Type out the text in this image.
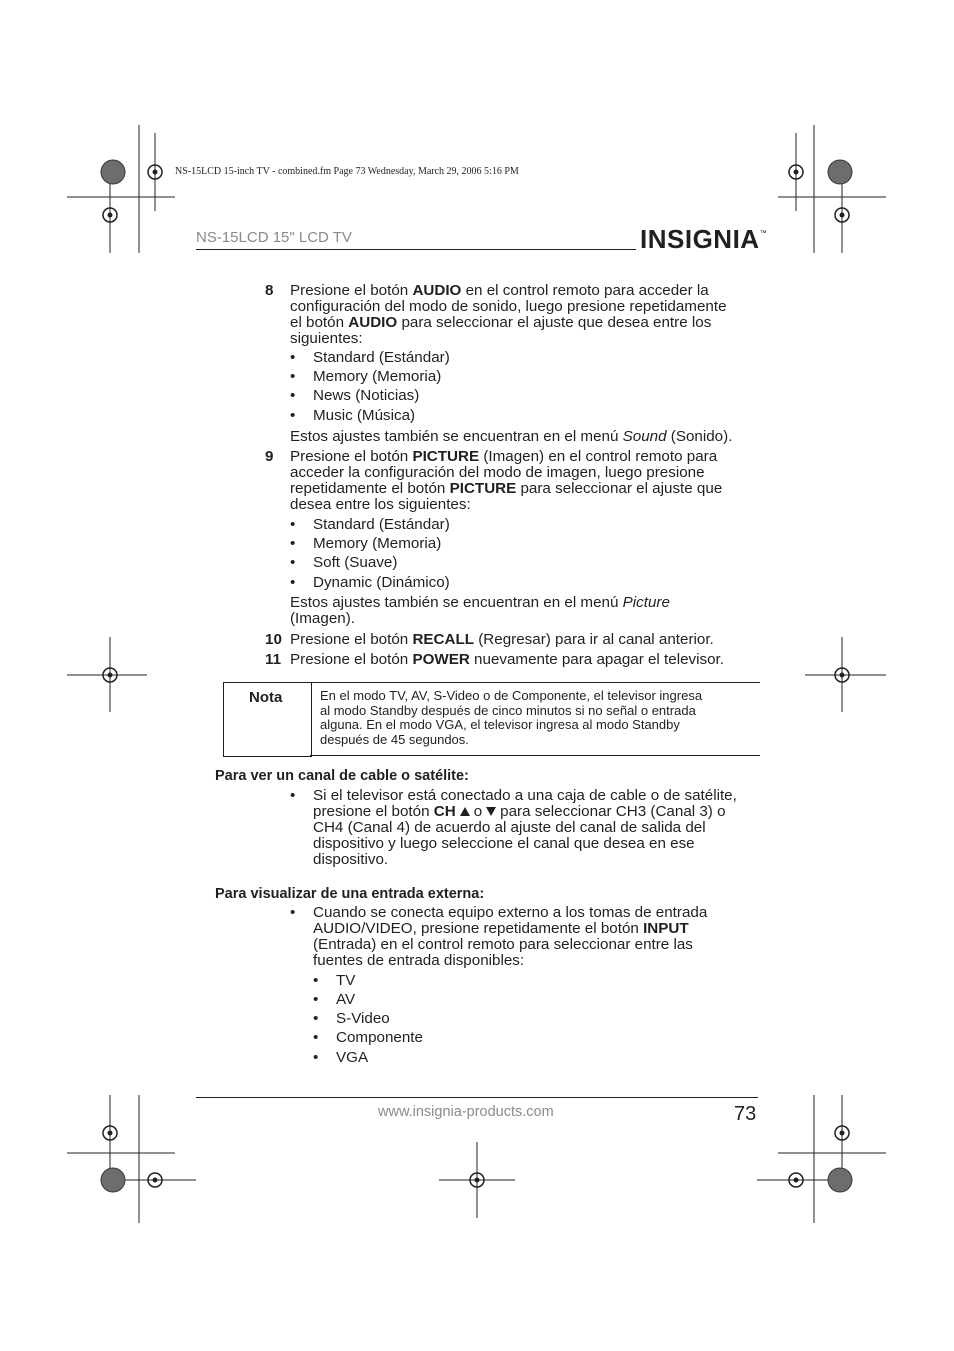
NS-15LCD 15-inch TV - combined.fm Page 73 Wednesday, March 29, 2006 5:16 PM
NS-15LCD 15" LCD TV	INSIGNIA™
8 Presione el botón AUDIO en el control remoto para acceder la
configuración del modo de sonido, luego presione repetidamente
el botón AUDIO para seleccionar el ajuste que desea entre los
siguientes:
• Standard (Estándar)
• Memory (Memoria)
• News (Noticias)
• Music (Música)
Estos ajustes también se encuentran en el menú Sound (Sonido).
9 Presione el botón PICTURE (Imagen) en el control remoto para
acceder la configuración del modo de imagen, luego presione
repetidamente el botón PICTURE para seleccionar el ajuste que
desea entre los siguientes:
• Standard (Estándar)
• Memory (Memoria)
• Soft (Suave)
• Dynamic (Dinámico)
Estos ajustes también se encuentran en el menú Picture
(Imagen).
10 Presione el botón RECALL (Regresar) para ir al canal anterior.
11 Presione el botón POWER nuevamente para apagar el televisor.
Nota	En el modo TV, AV, S-Video o de Componente, el televisor ingresa
al modo Standby después de cinco minutos si no señal o entrada
alguna. En el modo VGA, el televisor ingresa al modo Standby
después de 45 segundos.
Para ver un canal de cable o satélite:
• Si el televisor está conectado a una caja de cable o de satélite,
presione el botón CH o para seleccionar CH3 (Canal 3) o
CH4 (Canal 4) de acuerdo al ajuste del canal de salida del
dispositivo y luego seleccione el canal que desea en ese
dispositivo.
Para visualizar de una entrada externa:
• Cuando se conecta equipo externo a los tomas de entrada
AUDIO/VIDEO, presione repetidamente el botón INPUT
(Entrada) en el control remoto para seleccionar entre las
fuentes de entrada disponibles:
• TV
• AV
• S-Video
• Componente
• VGA
www.insignia-products.com	73
